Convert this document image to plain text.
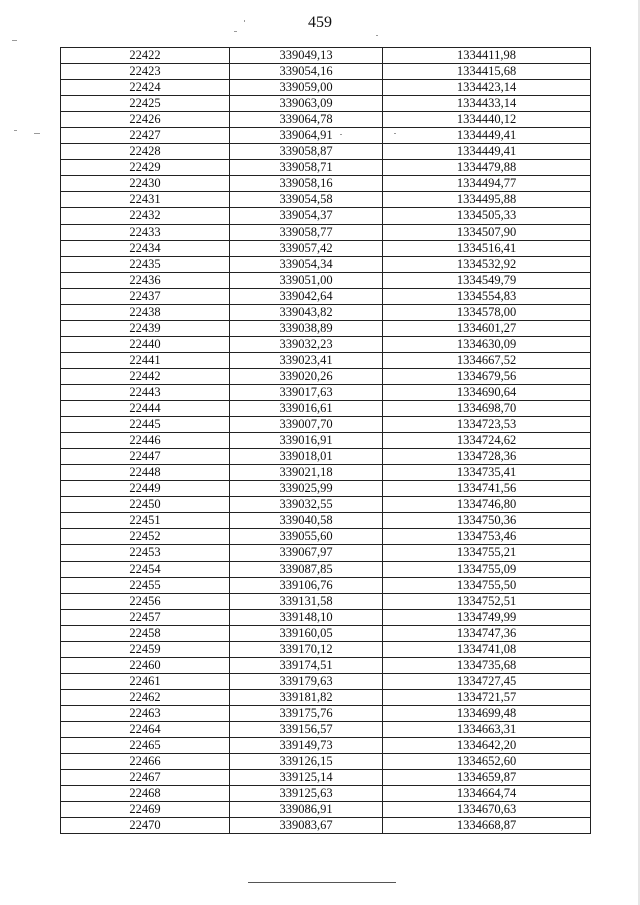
459
22422	339049,13	1334411,98
22423	339054,16	1334415,68
22424	339059,00	1334423,14
22425	339063,09	1334433,14
22426	339064,78	1334440,12
22427	339064,91	1334449,41
22428	339058,87	1334449,41
22429	339058,71	1334479,88
22430	339058,16	1334494,77
22431	339054,58	1334495,88
22432	339054,37	1334505,33
22433	339058,77	1334507,90
22434	339057,42	1334516,41
22435	339054,34	1334532,92
22436	339051,00	1334549,79
22437	339042,64	1334554,83
22438	339043,82	1334578,00
22439	339038,89	1334601,27
22440	339032,23	1334630,09
22441	339023,41	1334667,52
22442	339020,26	1334679,56
22443	339017,63	1334690,64
22444	339016,61	1334698,70
22445	339007,70	1334723,53
22446	339016,91	1334724,62
22447	339018,01	1334728,36
22448	339021,18	1334735,41
22449	339025,99	1334741,56
22450	339032,55	1334746,80
22451	339040,58	1334750,36
22452	339055,60	1334753,46
22453	339067,97	1334755,21
22454	339087,85	1334755,09
22455	339106,76	1334755,50
22456	339131,58	1334752,51
22457	339148,10	1334749,99
22458	339160,05	1334747,36
22459	339170,12	1334741,08
22460	339174,51	1334735,68
22461	339179,63	1334727,45
22462	339181,82	1334721,57
22463	339175,76	1334699,48
22464	339156,57	1334663,31
22465	339149,73	1334642,20
22466	339126,15	1334652,60
22467	339125,14	1334659,87
22468	339125,63	1334664,74
22469	339086,91	1334670,63
22470	339083,67	1334668,87
